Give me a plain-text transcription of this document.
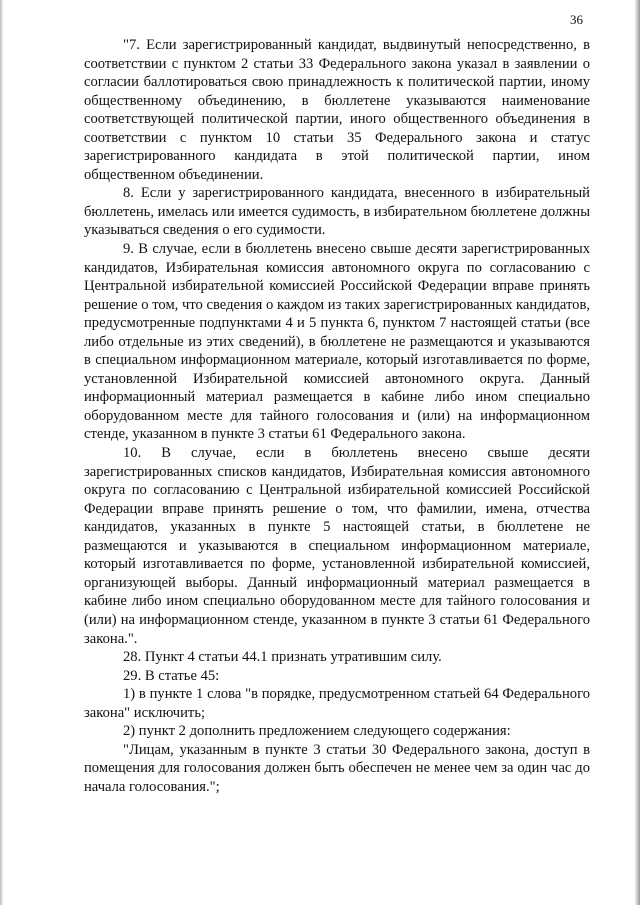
36

"7. Если зарегистрированный кандидат, выдвинутый непосредственно, в соответствии с пунктом 2 статьи 33 Федерального закона указал в заявлении о согласии баллотироваться свою принадлежность к политической партии, иному общественному объединению, в бюллетене указываются наименование соответствующей политической партии, иного общественного объединения в соответствии с пунктом 10 статьи 35 Федерального закона и статус зарегистрированного кандидата в этой политической партии, ином общественном объединении.

8. Если у зарегистрированного кандидата, внесенного в избирательный бюллетень, имелась или имеется судимость, в избирательном бюллетене должны указываться сведения о его судимости.

9. В случае, если в бюллетень внесено свыше десяти зарегистрированных кандидатов, Избирательная комиссия автономного округа по согласованию с Центральной избирательной комиссией Российской Федерации вправе принять решение о том, что сведения о каждом из таких зарегистрированных кандидатов, предусмотренные подпунктами 4 и 5 пункта 6, пунктом 7 настоящей статьи (все либо отдельные из этих сведений), в бюллетене не размещаются и указываются в специальном информационном материале, который изготавливается по форме, установленной Избирательной комиссией автономного округа. Данный информационный материал размещается в кабине либо ином специально оборудованном месте для тайного голосования и (или) на информационном стенде, указанном в пункте 3 статьи 61 Федерального закона.

10. В случае, если в бюллетень внесено свыше десяти зарегистрированных списков кандидатов, Избирательная комиссия автономного округа по согласованию с Центральной избирательной комиссией Российской Федерации вправе принять решение о том, что фамилии, имена, отчества кандидатов, указанных в пункте 5 настоящей статьи, в бюллетене не размещаются и указываются в специальном информационном материале, который изготавливается по форме, установленной избирательной комиссией, организующей выборы. Данный информационный материал размещается в кабине либо ином специально оборудованном месте для тайного голосования и (или) на информационном стенде, указанном в пункте 3 статьи 61 Федерального закона.".

28. Пункт 4 статьи 44.1 признать утратившим силу.

29. В статье 45:

1) в пункте 1 слова "в порядке, предусмотренном статьей 64 Федерального закона" исключить;

2) пункт 2 дополнить предложением следующего содержания:

"Лицам, указанным в пункте 3 статьи 30 Федерального закона, доступ в помещения для голосования должен быть обеспечен не менее чем за один час до начала голосования.";
